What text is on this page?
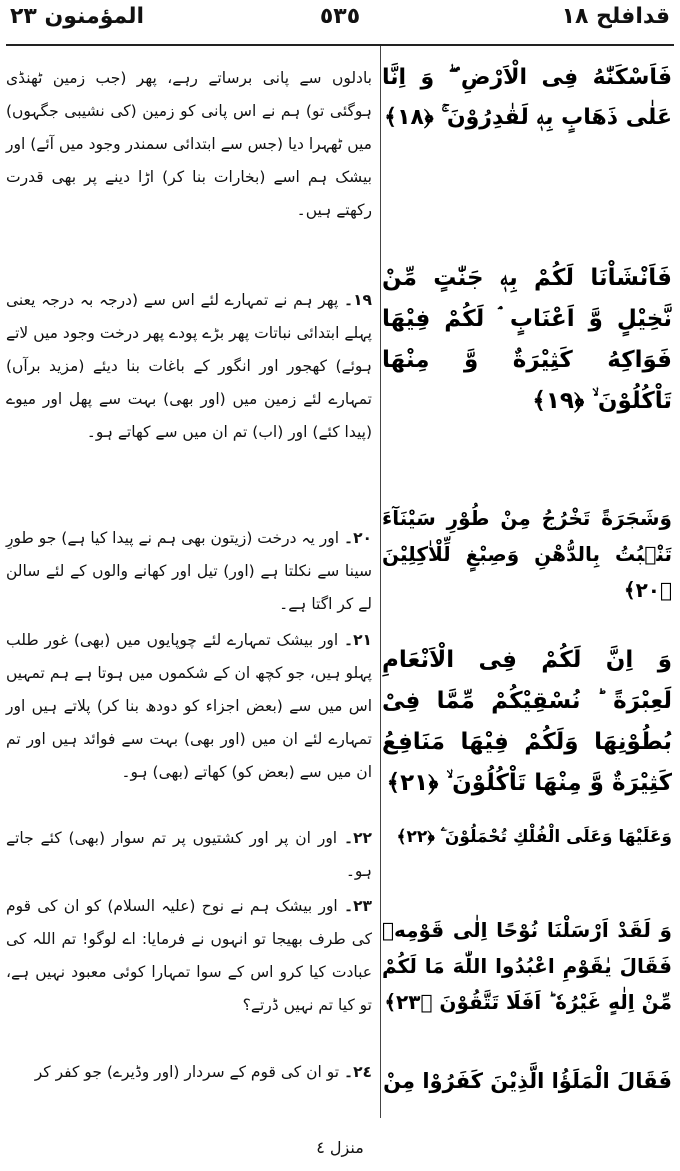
قدافلح ١٨
٥٣٥
المؤمنون ٢٣
فَاَسْكَنّٰهُ فِى الْاَرْضِ ۖ وَ اِنَّا عَلٰى ذَهَابٍ بِهٖ لَقٰدِرُوْنَ ۚ ﴿١٨﴾
فَاَنْشَاْنَا لَكُمْ بِهٖ جَنّٰتٍ مِّنْ نَّخِيْلٍ وَّ اَعْنَابٍ ۘ لَكُمْ فِيْهَا فَوَاكِهُ كَثِيْرَةٌ وَّ مِنْهَا تَاْكُلُوْنَ ۙ ﴿١٩﴾
وَشَجَرَةً تَخْرُجُ مِنْ طُوْرِ سَيْنَآءَ تَنْۢبُتُ بِالدُّهْنِ وَصِبْغٍ لِّلْاٰكِلِيْنَ ﴿٢٠﴾
وَ اِنَّ لَكُمْ فِى الْاَنْعَامِ لَعِبْرَةً ؕ نُسْقِيْكُمْ مِّمَّا فِىْ بُطُوْنِهَا وَلَكُمْ فِيْهَا مَنَافِعُ كَثِيْرَةٌ وَّ مِنْهَا تَاْكُلُوْنَ ۙ ﴿٢١﴾
وَعَلَيْهَا وَعَلَى الْفُلْكِ تُحْمَلُوْنَ ۧ ﴿٢٢﴾
وَ لَقَدْ اَرْسَلْنَا نُوْحًا اِلٰى قَوْمِهٖ فَقَالَ يٰقَوْمِ اعْبُدُوا اللّٰهَ مَا لَكُمْ مِّنْ اِلٰهٍ غَيْرُهٗ ؕ اَفَلَا تَتَّقُوْنَ ﴿٢٣﴾
فَقَالَ الْمَلَؤُا الَّذِيْنَ كَفَرُوْا مِنْ
بادلوں سے پانی برساتے رہے، پھر (جب زمین ٹھنڈی ہوگئی تو) ہم نے اس پانی کو زمین (کی نشیبی جگہوں) میں ٹھہرا دیا (جس سے ابتدائی سمندر وجود میں آئے) اور بیشک ہم اسے (بخارات بنا کر) اڑا دینے پر بھی قدرت رکھتے ہیں۔
١٩۔ پھر ہم نے تمہارے لئے اس سے (درجہ بہ درجہ یعنی پہلے ابتدائی نباتات پھر بڑے پودے پھر درخت وجود میں لاتے ہوئے) کھجور اور انگور کے باغات بنا دیئے (مزید برآں) تمہارے لئے زمین میں (اور بھی) بہت سے پھل اور میوے (پیدا کئے) اور (اب) تم ان میں سے کھاتے ہو۔
٢٠۔ اور یہ درخت (زیتون بھی ہم نے پیدا کیا ہے) جو طورِ سینا سے نکلتا ہے (اور) تیل اور کھانے والوں کے لئے سالن لے کر اگتا ہے۔
٢١۔ اور بیشک تمہارے لئے چوپایوں میں (بھی) غور طلب پہلو ہیں، جو کچھ ان کے شکموں میں ہوتا ہے ہم تمہیں اس میں سے (بعض اجزاء کو دودھ بنا کر) پلاتے ہیں اور تمہارے لئے ان میں (اور بھی) بہت سے فوائد ہیں اور تم ان میں سے (بعض کو) کھاتے (بھی) ہو۔
٢٢۔ اور ان پر اور کشتیوں پر تم سوار (بھی) کئے جاتے ہو۔
٢٣۔ اور بیشک ہم نے نوح (علیہ السلام) کو ان کی قوم کی طرف بھیجا تو انہوں نے فرمایا: اے لوگو! تم اللہ کی عبادت کیا کرو اس کے سوا تمہارا کوئی معبود نہیں ہے، تو کیا تم نہیں ڈرتے؟
٢٤۔ تو ان کی قوم کے سردار (اور وڈیرے) جو کفر کر
منزل ٤
